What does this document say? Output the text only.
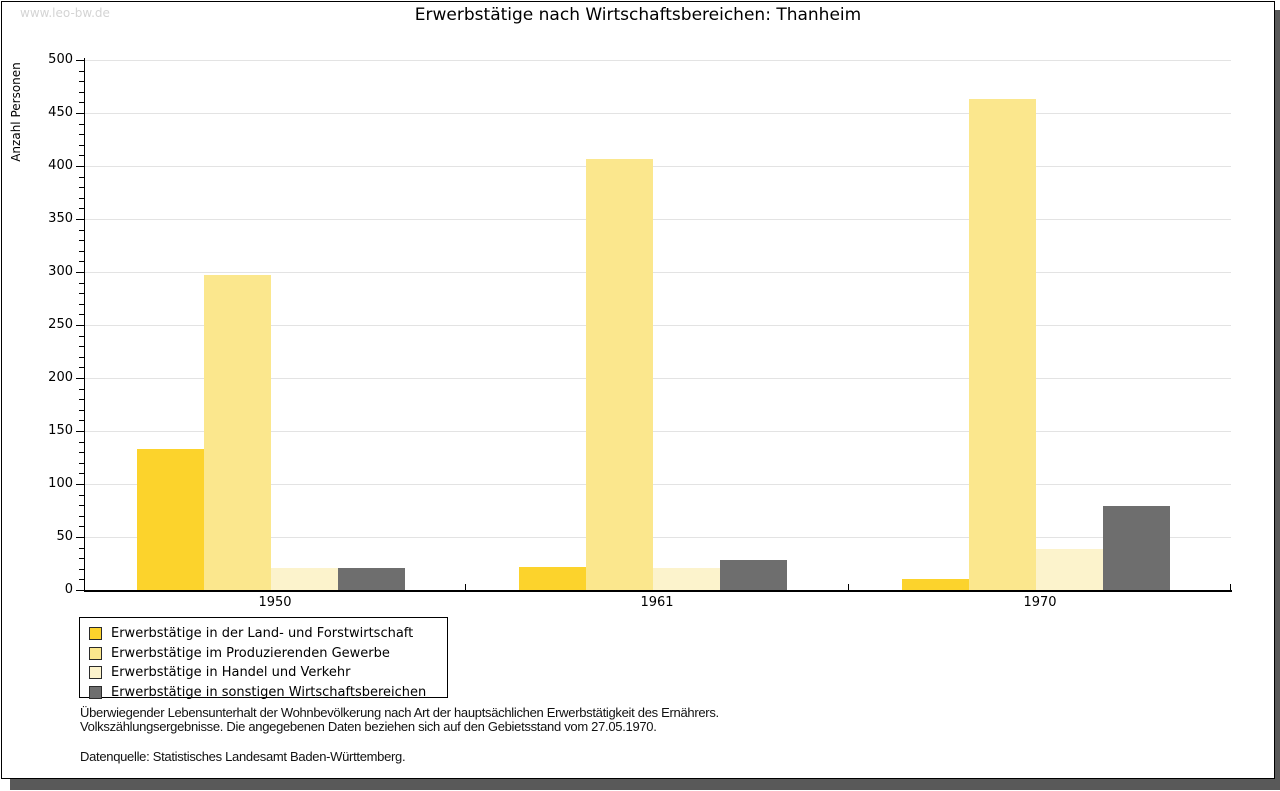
www.leo-bw.de	Erwerbstätige nach Wirtschaftsbereichen: Thanheim
Anzahl Personen
1950	1961	1970
0
50
100
150
200
250
300
350
400
450
500
Erwerbstätige in der Land- und Forstwirtschaft
Erwerbstätige im Produzierenden Gewerbe
Erwerbstätige in Handel und Verkehr
Erwerbstätige in sonstigen Wirtschaftsbereichen
Überwiegender Lebensunterhalt der Wohnbevölkerung nach Art der hauptsächlichen Erwerbstätigkeit des Ernährers.
Volkszählungsergebnisse. Die angegebenen Daten beziehen sich auf den Gebietsstand vom 27.05.1970.
Datenquelle: Statistisches Landesamt Baden-Württemberg.
